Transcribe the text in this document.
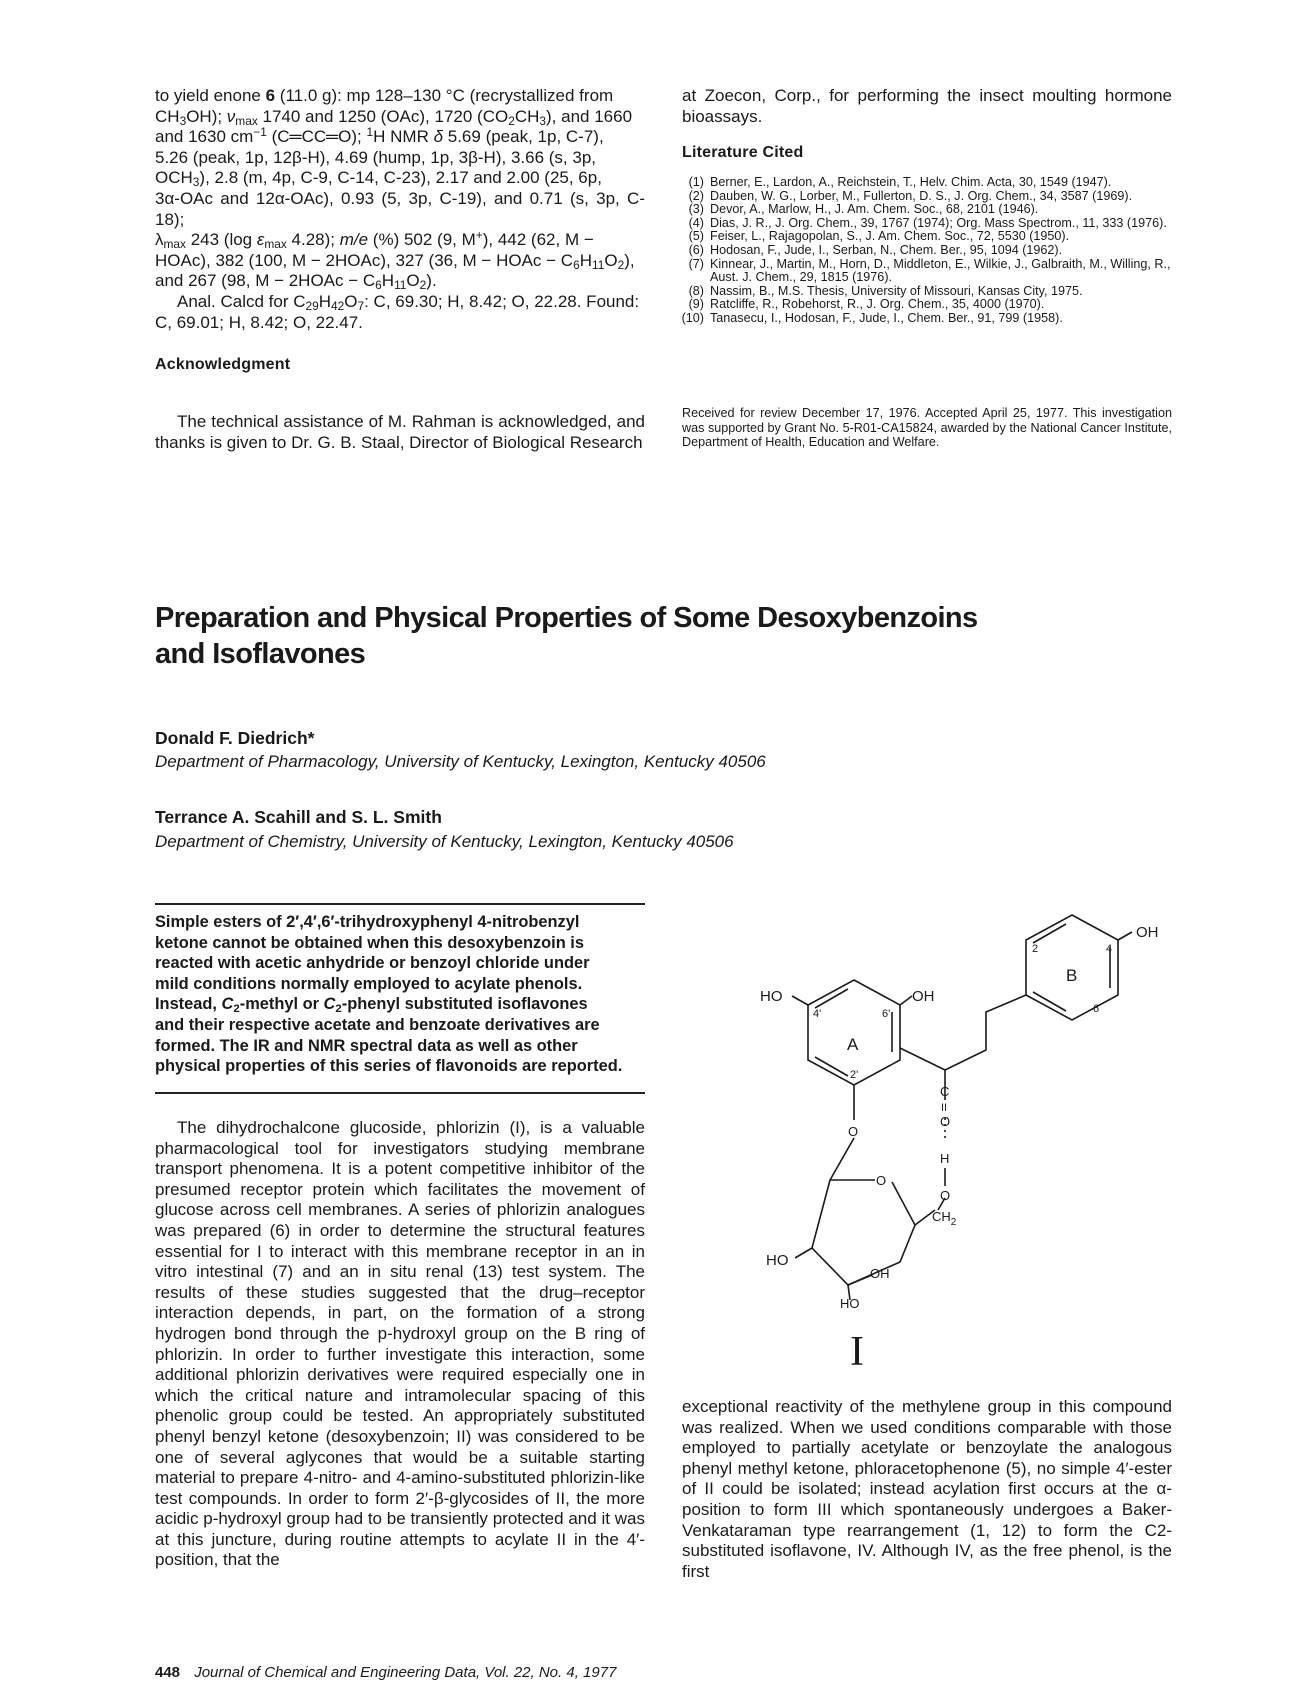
to yield enone 6 (11.0 g): mp 128–130 °C (recrystallized from
$CH_3OH$); $\nu_{max}$ 1740 and 1250 (OAc), 1720 $(CO_2CH_3)$, and 1660
and 1630 $cm^{-1}$ (C═CC═O); $^1$H NMR δ 5.69 (peak, 1p, C-7),
5.26 (peak, 1p, 12β-H), 4.69 (hump, 1p, 3β-H), 3.66 (s, 3p,
$OCH_3$), 2.8 (m, 4p, C-9, C-14, C-23), 2.17 and 2.00 (25, 6p,
3α-OAc and 12α-OAc), 0.93 (5, 3p, C-19), and 0.71 (s, 3p, C-18);
$\lambda_{max}$ 243 (log $\varepsilon_{max}$ 4.28); m/e (%) 502 (9, M+), 442 (62, M −
HOAc), 382 (100, M − 2HOAc), 327 (36, M − HOAc − $C_6H_{11}O_2$),
and 267 (98, M − 2HOAc − $C_6H_{11}O_2$).
Anal. Calcd for $C_{29}H_{42}O_7$: C, 69.30; H, 8.42; O, 22.28. Found:
C, 69.01; H, 8.42; O, 22.47.
Acknowledgment

The technical assistance of M. Rahman is acknowledged, and thanks is given to Dr. G. B. Staal, Director of Biological Research

at Zoecon, Corp., for performing the insect moulting hormone bioassays.

Literature Cited
(1) Berner, E., Lardon, A., Reichstein, T., Helv. Chim. Acta, 30, 1549 (1947).
(2) Dauben, W. G., Lorber, M., Fullerton, D. S., J. Org. Chem., 34, 3587 (1969).
(3) Devor, A., Marlow, H., J. Am. Chem. Soc., 68, 2101 (1946).
(4) Dias, J. R., J. Org. Chem., 39, 1767 (1974); Org. Mass Spectrom., 11, 333 (1976).
(5) Feiser, L., Rajagopolan, S., J. Am. Chem. Soc., 72, 5530 (1950).
(6) Hodosan, F., Jude, I., Serban, N., Chem. Ber., 95, 1094 (1962).
(7) Kinnear, J., Martin, M., Horn, D., Middleton, E., Wilkie, J., Galbraith, M., Willing, R., Aust. J. Chem., 29, 1815 (1976).
(8) Nassim, B., M.S. Thesis, University of Missouri, Kansas City, 1975.
(9) Ratcliffe, R., Robehorst, R., J. Org. Chem., 35, 4000 (1970).
(10) Tanasecu, I., Hodosan, F., Jude, I., Chem. Ber., 91, 799 (1958).
Received for review December 17, 1976. Accepted April 25, 1977. This investigation was supported by Grant No. 5-R01-CA15824, awarded by the National Cancer Institute, Department of Health, Education and Welfare.
Preparation and Physical Properties of Some Desoxybenzoins
and Isoflavones
Donald F. Diedrich*
Department of Pharmacology, University of Kentucky, Lexington, Kentucky 40506
Terrance A. Scahill and S. L. Smith
Department of Chemistry, University of Kentucky, Lexington, Kentucky 40506
Simple esters of 2′,4′,6′-trihydroxyphenyl 4-nitrobenzyl
ketone cannot be obtained when this desoxybenzoin is
reacted with acetic anhydride or benzoyl chloride under
mild conditions normally employed to acylate phenols.
Instead, $C_2$-methyl or $C_2$-phenyl substituted isoflavones
and their respective acetate and benzoate derivatives are
formed. The IR and NMR spectral data as well as other
physical properties of this series of flavonoids are reported.

The dihydrochalcone glucoside, phlorizin (I), is a valuable pharmacological tool for investigators studying membrane transport phenomena. It is a potent competitive inhibitor of the presumed receptor protein which facilitates the movement of glucose across cell membranes. A series of phlorizin analogues was prepared (6) in order to determine the structural features essential for I to interact with this membrane receptor in an in vitro intestinal (7) and an in situ renal (13) test system. The results of these studies suggested that the drug–receptor interaction depends, in part, on the formation of a strong hydrogen bond through the p-hydroxyl group on the B ring of phlorizin. In order to further investigate this interaction, some additional phlorizin derivatives were required especially one in which the critical nature and intramolecular spacing of this phenolic group could be tested. An appropriately substituted phenyl benzyl ketone (desoxybenzoin; II) was considered to be one of several aglycones that would be a suitable starting material to prepare 4-nitro- and 4-amino-substituted phlorizin-like test compounds. In order to form 2′-β-glycosides of II, the more acidic p-hydroxyl group had to be transiently protected and it was at this juncture, during routine attempts to acylate II in the 4′-position, that the

exceptional reactivity of the methylene group in this compound was realized. When we used conditions comparable with those employed to partially acetylate or benzoylate the analogous phenyl methyl ketone, phloracetophenone (5), no simple 4′-ester of II could be isolated; instead acylation first occurs at the α-position to form III which spontaneously undergoes a Baker-Venkataraman type rearrangement (1, 12) to form the C2-substituted isoflavone, IV. Although IV, as the free phenol, is the first

OH
B
2	4
6
HO	OH
A
4'	6'
2'
C
II
O
H
O
O
O
$CH_2$
HO
OH
HO
I
448 Journal of Chemical and Engineering Data, Vol. 22, No. 4, 1977
